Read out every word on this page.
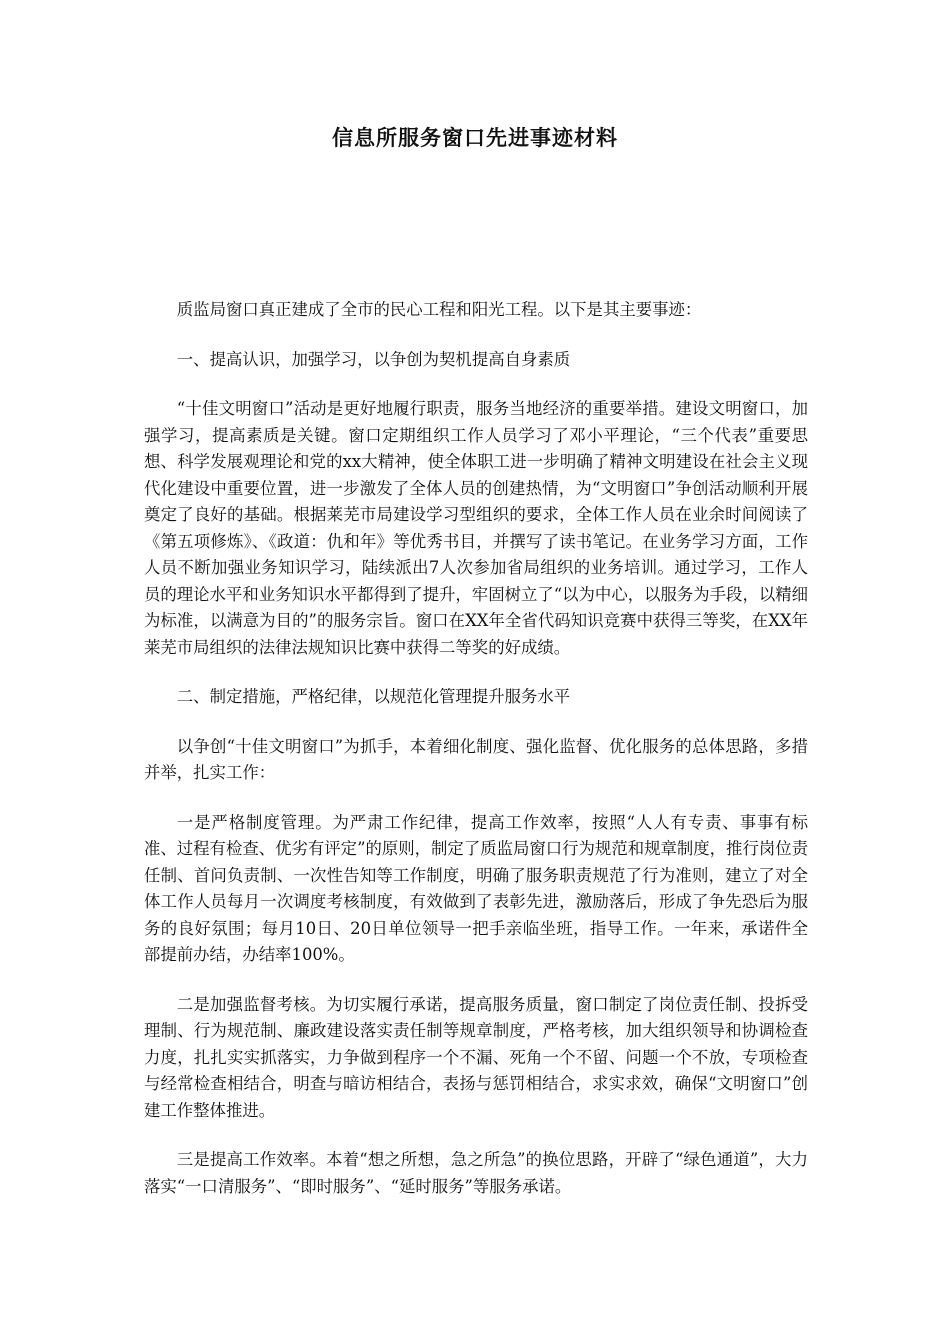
信息所服务窗口先进事迹材料

质监局窗口真正建成了全市的民心工程和阳光工程。以下是其主要事迹：

一、提高认识，加强学习，以争创为契机提高自身素质

“十佳文明窗口”活动是更好地履行职责，服务当地经济的重要举措。建设文明窗口，加强学习，提高素质是关键。窗口定期组织工作人员学习了邓小平理论，“三个代表”重要思想、科学发展观理论和党的xx大精神，使全体职工进一步明确了精神文明建设在社会主义现代化建设中重要位置，进一步激发了全体人员的创建热情，为“文明窗口”争创活动顺利开展奠定了良好的基础。根据莱芜市局建设学习型组织的要求，全体工作人员在业余时间阅读了《第五项修炼》、《政道：仇和年》等优秀书目，并撰写了读书笔记。在业务学习方面，工作人员不断加强业务知识学习，陆续派出7人次参加省局组织的业务培训。通过学习，工作人员的理论水平和业务知识水平都得到了提升，牢固树立了“以为中心，以服务为手段，以精细为标准，以满意为目的”的服务宗旨。窗口在XX年全省代码知识竞赛中获得三等奖，在XX年莱芜市局组织的法律法规知识比赛中获得二等奖的好成绩。

二、制定措施，严格纪律，以规范化管理提升服务水平

以争创“十佳文明窗口”为抓手，本着细化制度、强化监督、优化服务的总体思路，多措并举，扎实工作：

一是严格制度管理。为严肃工作纪律，提高工作效率，按照“人人有专责、事事有标准、过程有检查、优劣有评定”的原则，制定了质监局窗口行为规范和规章制度，推行岗位责任制、首问负责制、一次性告知等工作制度，明确了服务职责规范了行为准则，建立了对全体工作人员每月一次调度考核制度，有效做到了表彰先进，激励落后，形成了争先恐后为服务的良好氛围；每月10日、20日单位领导一把手亲临坐班，指导工作。一年来，承诺件全部提前办结，办结率100%。

二是加强监督考核。为切实履行承诺，提高服务质量，窗口制定了岗位责任制、投拆受理制、行为规范制、廉政建设落实责任制等规章制度，严格考核，加大组织领导和协调检查力度，扎扎实实抓落实，力争做到程序一个不漏、死角一个不留、问题一个不放，专项检查与经常检查相结合，明查与暗访相结合，表扬与惩罚相结合，求实求效，确保“文明窗口”创建工作整体推进。

三是提高工作效率。本着“想之所想，急之所急”的换位思路，开辟了“绿色通道”，大力落实“一口清服务”、“即时服务”、“延时服务”等服务承诺。
